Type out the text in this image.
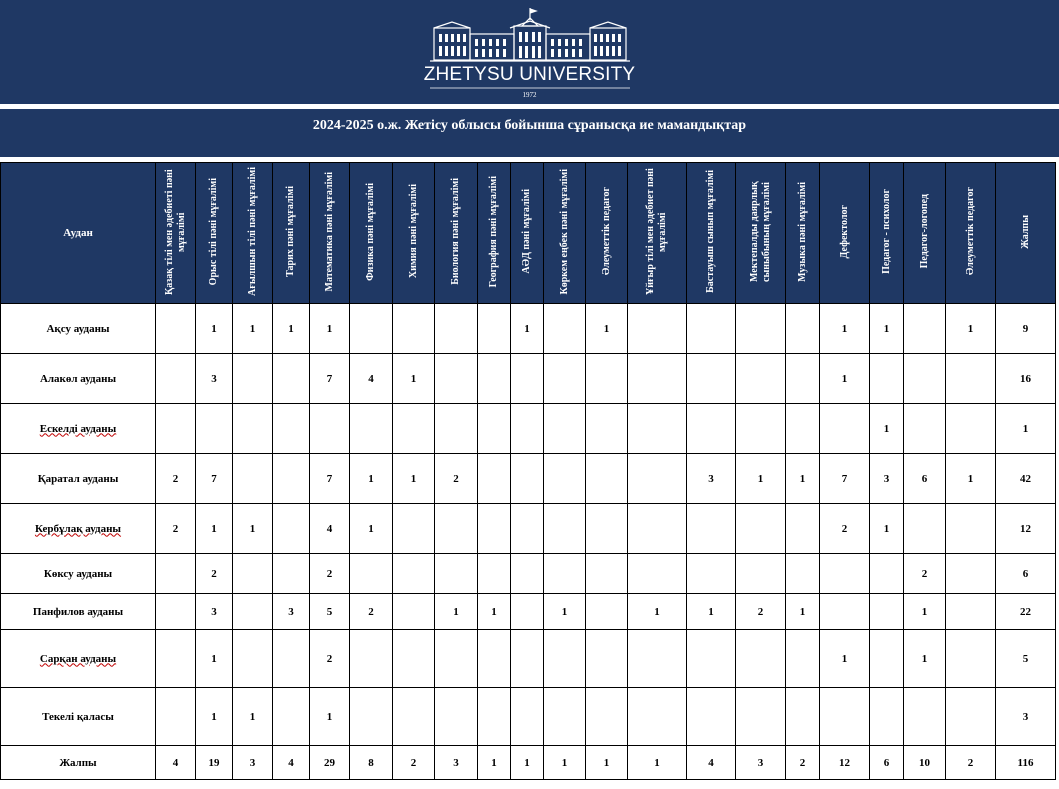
ZHETYSU UNIVERSITY
1972
2024-2025 о.ж. Жетісу облысы бойынша сұранысқа ие мамандықтар
Аудан	Қазақ тілі мен әдебиеті пәні мұғалімі	Орыс тілі пәні мұғалімі	Ағылшын тілі пәні мұғалімі	Тарих пәні мұғалімі	Математика пәні мұғалімі	Физика пәні мұғалімі	Химия пәні мұғалімі	Биология пәні мұғалімі	География пәні мұғалімі	АӘД пәні мұғалімі	Көркем еңбек пәні мұғалімі	Әлеуметтік педагог	Ұйғыр тілі мен әдебиет пәні мұғалімі	Бастауыш сынып мұғалімі	Мектепалды даярлық сыныбының мұғалімі	Музыка пәні мұғалімі	Дефектолог	Педагог - психолог	Педагог-логопед	Әлеуметтік педагог	Жалпы
Ақсу ауданы		1	1	1	1					1		1					1	1		1	9
Алакөл ауданы		3			7	4	1										1				16
Ескелді ауданы																		1			1
Қаратал ауданы	2	7			7	1	1	2						3	1	1	7	3	6	1	42
Кербұлақ ауданы	2	1	1		4	1											2	1			12
Көксу ауданы		2			2														2		6
Панфилов ауданы		3		3	5	2		1	1		1		1	1	2	1			1		22
Сарқан ауданы		1			2												1		1		5
Текелі қаласы		1	1		1																3
Жалпы	4	19	3	4	29	8	2	3	1	1	1	1	1	4	3	2	12	6	10	2	116
